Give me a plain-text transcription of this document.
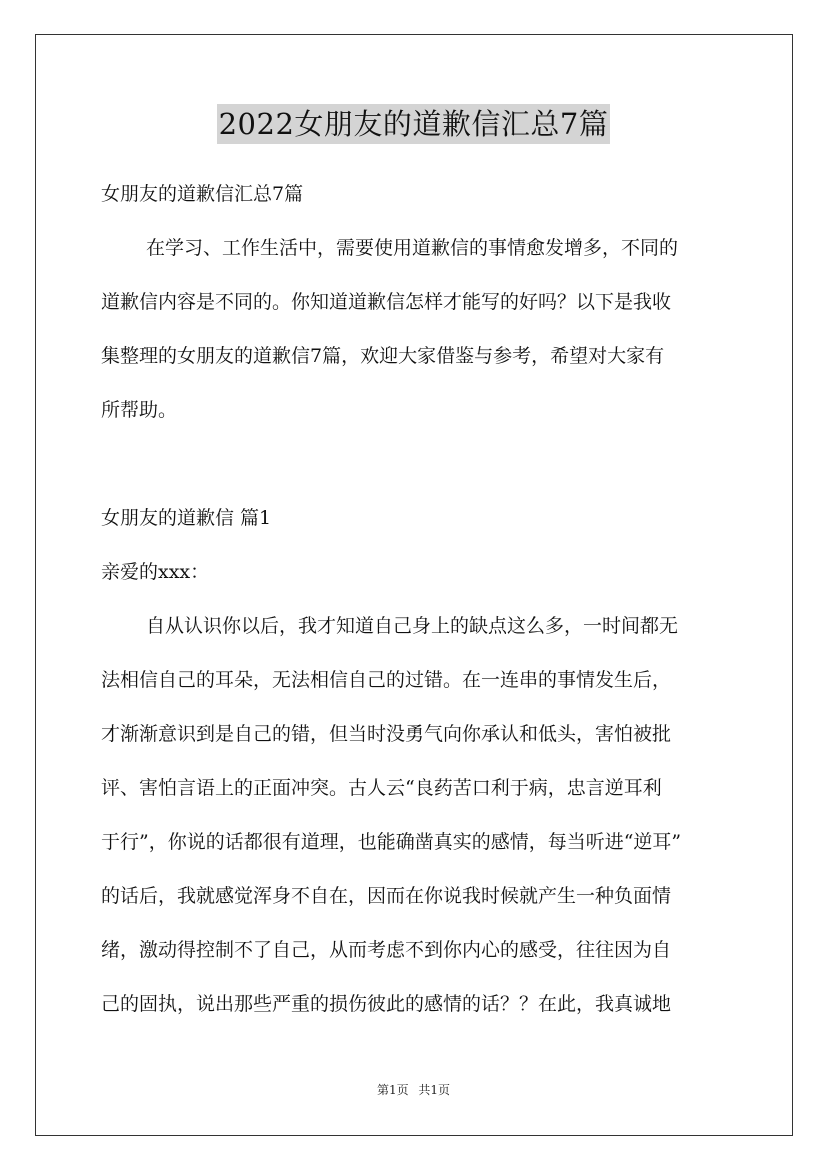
2022女朋友的道歉信汇总7篇
女朋友的道歉信汇总7篇
在学习、工作生活中，需要使用道歉信的事情愈发增多，不同的
道歉信内容是不同的。你知道道歉信怎样才能写的好吗？以下是我收
集整理的女朋友的道歉信7篇，欢迎大家借鉴与参考，希望对大家有
所帮助。
女朋友的道歉信 篇1
亲爱的xxx：
自从认识你以后，我才知道自己身上的缺点这么多，一时间都无
法相信自己的耳朵，无法相信自己的过错。在一连串的事情发生后，
才渐渐意识到是自己的错，但当时没勇气向你承认和低头，害怕被批
评、害怕言语上的正面冲突。古人云“良药苦口利于病，忠言逆耳利
于行”，你说的话都很有道理，也能确凿真实的感情，每当听进“逆耳”
的话后，我就感觉浑身不自在，因而在你说我时候就产生一种负面情
绪，激动得控制不了自己，从而考虑不到你内心的感受，往往因为自
己的固执，说出那些严重的损伤彼此的感情的话？？在此，我真诚地
第1页 共1页
